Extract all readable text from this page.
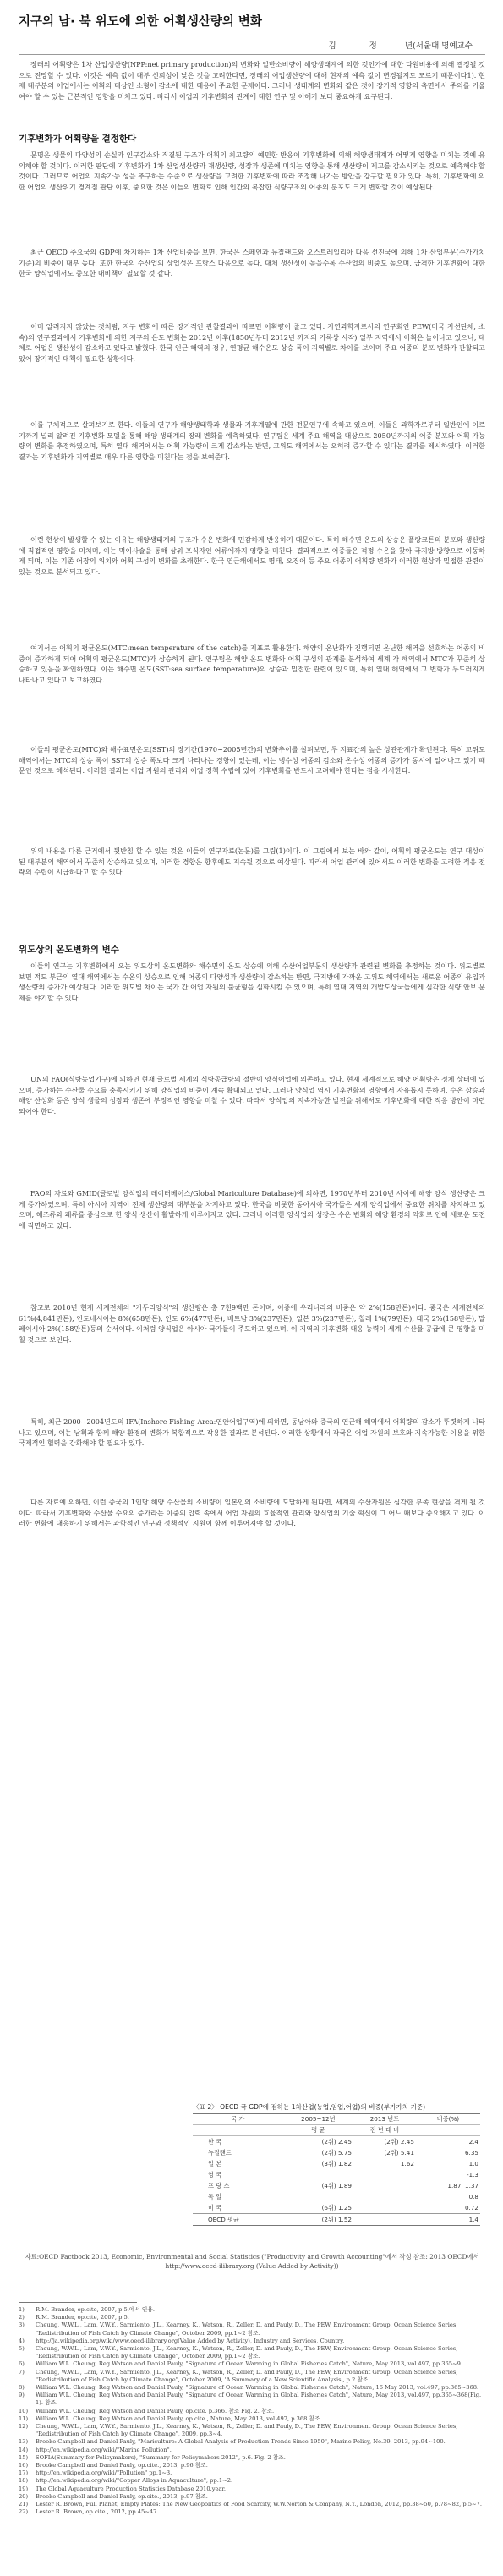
지구의 남· 북 위도에 의한 어획생산량의 변화
김 정 년(서울대 명예교수
장래의 어획량은 1차 산업생산량(NPP:net primary production)의 변화와 일반소비량이 해양생태계에 의한 것인가에 대한 다원비용에 의해 결정될 것으로 전망할 수 있다. 이것은 예측 값이 대부 신뢰성이 낮은 것을 고려한다면, 장래의 어업생산량에 대해 현재의 예측 값이 변경될지도 모르기 때문이다1). 현재 대부분의 어업에서는 어획의 대상인 소형어 감소에 대한 대응이 주요한 문제이다. 그러나 생태계의 변화와 같은 것이 장기적 영향의 측면에서 주의를 기울여야 할 수 있는 근본적인 영향을 미치고 있다. 따라서 어업과 기후변화의 관계에 대한 연구 및 이해가 보다 중요하게 요구된다.
기후변화가 어획량을 결정한다
문명은 생물의 다양성의 손실과 인구감소와 직결된 구조가 어획의 최고량의 예민한 반응이 기후변화에 의해 해양생태계가 어떻게 영향을 미치는 것에 유의해야 할 것이다. 이러한 판단에 기후변화가 1차 산업생산량과 재생산량, 성장과 생존에 미치는 영향을 통해 생산량이 제고를 감소시키는 것으로 예측해야 할 것이다. 그러므로 어업의 지속가능 성을 추구하는 수준으로 생산량을 고려한 기후변화에 따라 조정해 나가는 방안을 강구할 필요가 있다. 특히, 기후변화에 의한 어업의 생산위기 경계점 판단 이후, 중요한 것은 이들의 변화로 인해 인간의 복잡한 식량구조의 어종의 분포도 크게 변화할 것이 예상된다.
최근 OECD 주요국의 GDP에 차지하는 1차 산업비중을 보면, 한국은 스페인과 뉴질랜드와 오스트레일리아 다음 선진국에 의해 1차 산업부문(수가가치 기준)의 비중이 대부 높다. 또한 한국의 수산업의 상업성은 프랑스 다음으로 높다. 대체 생산성이 높을수록 수산업의 비중도 높으며, 급격한 기후변화에 대한 한국 양식업에서도 중요한 대비책이 필요할 것 같다.
이미 알려지지 않았는 것처럼, 지구 변화에 따른 장기적인 관찰결과에 따르면 어획량이 줄고 있다. 자연과학자로서의 연구회인 PEW(미국 자선단체, 소속)의 연구결과에서 기후변화에 의한 지구의 온도 변화는 2012년 이후(1850년부터 2012년 까지의 기록상 시작) 일부 지역에서 어획은 늘어나고 있으나, 대체로 어업은 생산성이 감소하고 있다고 밝혔다. 한국 인근 해역의 경우, 연평균 해수온도 상승 폭이 지역별로 차이를 보이며 주요 어종의 분포 변화가 관찰되고 있어 장기적인 대책이 필요한 상황이다.
이를 구체적으로 살펴보기로 한다. 이들의 연구가 해양생태학과 생물과 기후계열에 관한 전문연구에 속하고 있으며, 이들은 과학자로부터 일반인에 이르기까지 널리 알려진 기후변화 모델을 통해 해양 생태계의 장래 변화를 예측하였다. 연구팀은 세계 주요 해역을 대상으로 2050년까지의 어종 분포와 어획 가능량의 변화를 추정하였으며, 특히 열대 해역에서는 어획 가능량이 크게 감소하는 반면, 고위도 해역에서는 오히려 증가할 수 있다는 결과를 제시하였다. 이러한 결과는 기후변화가 지역별로 매우 다른 영향을 미친다는 점을 보여준다.
이런 현상이 발생할 수 있는 이유는 해양생태계의 구조가 수온 변화에 민감하게 반응하기 때문이다. 특히 해수면 온도의 상승은 플랑크톤의 분포와 생산량에 직접적인 영향을 미치며, 이는 먹이사슬을 통해 상위 포식자인 어류에까지 영향을 미친다. 결과적으로 어종들은 적정 수온을 찾아 극지방 방향으로 이동하게 되며, 이는 기존 어장의 위치와 어획 구성의 변화를 초래한다. 한국 연근해에서도 명태, 오징어 등 주요 어종의 어획량 변화가 이러한 현상과 밀접한 관련이 있는 것으로 분석되고 있다.
여기서는 어획의 평균온도(MTC:mean temperature of the catch)를 지표로 활용한다. 해양의 온난화가 진행되면 온난한 해역을 선호하는 어종의 비중이 증가하게 되어 어획의 평균온도(MTC)가 상승하게 된다. 연구팀은 해양 온도 변화와 어획 구성의 관계를 분석하여 세계 각 해역에서 MTC가 꾸준히 상승하고 있음을 확인하였다. 이는 해수면 온도(SST:sea surface temperature)의 상승과 밀접한 관련이 있으며, 특히 열대 해역에서 그 변화가 두드러지게 나타나고 있다고 보고하였다.
이들의 평균온도(MTC)와 해수표면온도(SST)의 장기간(1970~2005년간)의 변화추이를 살펴보면, 두 지표간의 높은 상관관계가 확인된다. 특히 고위도 해역에서는 MTC의 상승 폭이 SST의 상승 폭보다 크게 나타나는 경향이 있는데, 이는 냉수성 어종의 감소와 온수성 어종의 증가가 동시에 일어나고 있기 때문인 것으로 해석된다. 이러한 결과는 어업 자원의 관리와 어업 정책 수립에 있어 기후변화를 반드시 고려해야 한다는 점을 시사한다.
위의 내용을 다른 근거에서 뒷받침 할 수 있는 것은 이들의 연구자료(논문)를 그림(1)이다. 이 그림에서 보는 바와 같이, 어획의 평균온도는 연구 대상이 된 대부분의 해역에서 꾸준히 상승하고 있으며, 이러한 경향은 향후에도 지속될 것으로 예상된다. 따라서 어업 관리에 있어서도 이러한 변화를 고려한 적응 전략의 수립이 시급하다고 할 수 있다.
위도상의 온도변화의 변수
이들의 연구는 기후변화에서 오는 위도상의 온도변화와 해수면의 온도 상승에 의해 수산어업부문의 생산량과 관련된 변화를 추정하는 것이다. 위도별로 보면 적도 부근의 열대 해역에서는 수온의 상승으로 인해 어종의 다양성과 생산량이 감소하는 반면, 극지방에 가까운 고위도 해역에서는 새로운 어종의 유입과 생산량의 증가가 예상된다. 이러한 위도별 차이는 국가 간 어업 자원의 불균형을 심화시킬 수 있으며, 특히 열대 지역의 개발도상국들에게 심각한 식량 안보 문제를 야기할 수 있다.
UN의 FAO(식량농업기구)에 의하면 현재 글로벌 세계의 식량공급량의 절반이 양식어업에 의존하고 있다. 현재 세계적으로 해양 어획량은 정체 상태에 있으며, 증가하는 수산물 수요를 충족시키기 위해 양식업의 비중이 계속 확대되고 있다. 그러나 양식업 역시 기후변화의 영향에서 자유롭지 못하며, 수온 상승과 해양 산성화 등은 양식 생물의 성장과 생존에 부정적인 영향을 미칠 수 있다. 따라서 양식업의 지속가능한 발전을 위해서도 기후변화에 대한 적응 방안이 마련되어야 한다.
FAO의 자료와 GMID(글로벌 양식업의 데이터베이스/Global Mariculture Database)에 의하면, 1970년부터 2010년 사이에 해양 양식 생산량은 크게 증가하였으며, 특히 아시아 지역이 전체 생산량의 대부분을 차지하고 있다. 한국을 비롯한 동아시아 국가들은 세계 양식업에서 중요한 위치를 차지하고 있으며, 해조류와 패류를 중심으로 한 양식 생산이 활발하게 이루어지고 있다. 그러나 이러한 양식업의 성장은 수온 변화와 해양 환경의 악화로 인해 새로운 도전에 직면하고 있다.
참고로 2010년 현재 세계전체의 "가두리양식"의 생산량은 총 7천9백만 톤이며, 이중에 우리나라의 비중은 약 2%(158만톤)이다. 중국은 세계전체의 61%(4,841만톤), 인도네시아는 8%(658만톤), 인도 6%(477만톤), 베트남 3%(237만톤), 일본 3%(237만톤), 칠레 1%(79만톤), 태국 2%(158만톤), 말레이시아 2%(158만톤)등의 순서이다. 이처럼 양식업은 아시아 국가들이 주도하고 있으며, 이 지역의 기후변화 대응 능력이 세계 수산물 공급에 큰 영향을 미칠 것으로 보인다.
특히, 최근 2000~2004년도의 IFA(Inshore Fishing Area:연안어업구역)에 의하면, 동남아와 중국의 연근해 해역에서 어획량의 감소가 뚜렷하게 나타나고 있으며, 이는 남획과 함께 해양 환경의 변화가 복합적으로 작용한 결과로 분석된다. 이러한 상황에서 각국은 어업 자원의 보호와 지속가능한 이용을 위한 국제적인 협력을 강화해야 할 필요가 있다.
다른 자료에 의하면, 이런 중국의 1인당 해양 수산물의 소비량이 일본인의 소비량에 도달하게 된다면, 세계의 수산자원은 심각한 부족 현상을 겪게 될 것이다. 따라서 기후변화와 수산물 수요의 증가라는 이중의 압력 속에서 어업 자원의 효율적인 관리와 양식업의 기술 혁신이 그 어느 때보다 중요해지고 있다. 이러한 변화에 대응하기 위해서는 과학적인 연구와 정책적인 지원이 함께 이루어져야 할 것이다.
〈표 2〉 OECD 국 GDP에 점하는 1차산업(농업,임업,어업)의 비중(부가가치 기준)
국 가	2005~12년	2013 년도	비중(%)
	평 균	전 년 대 비	
한 국	(2위) 2.45	(2위) 2.45	2.4
뉴질랜드	(2위) 5.75	(2위) 5.41	6.35
일 본	(3위) 1.82	1.62	1.0
영 국			-1.3
프 랑 스	(4위) 1.89		1.87, 1.37
독 일			0.8
미 국	(6위) 1.25		0.72
OECD 평균	(2위) 1.52		1.4
자료:OECD Factbook 2013, Economic, Environmental and Social Statistics ("Productivity and Growth Accounting"에서 작성 참조: 2013 OECD에서 http://www.oecd-ilibrary.org (Value Added by Activity))
1)	R.M. Brander, op.cite, 2007, p.5.에서 인용.
2)	R.M. Brander, op.cite, 2007, p.5.
3)	Cheung, W.W.L., Lam, V.W.Y., Sarmiento, J.L., Kearney, K., Watson, R., Zeller, D. and Pauly, D., The PEW, Environment Group, Ocean Science Series, "Redistribution of Fish Catch by Climate Change", October 2009, pp.1~2 참조.
4)	http://ja.wikipedia.org/wiki/www.oecd-ilibrary.org(Value Added by Activity), Industry and Services, Country.
5)	Cheung, W.W.L., Lam, V.W.Y., Sarmiento, J.L., Kearney, K., Watson, R., Zeller, D. and Pauly, D., The PEW, Environment Group, Ocean Science Series, "Redistribution of Fish Catch by Climate Change", October 2009, pp.1~2 참조.
6)	William W.L. Cheung, Reg Watson and Daniel Pauly, "Signature of Ocean Warming in Global Fisheries Catch", Nature, May 2013, vol.497, pp.365~9.
7)	Cheung, W.W.L., Lam, V.W.Y., Sarmiento, J.L., Kearney, K., Watson, R., Zeller, D. and Pauly, D., The PEW, Environment Group, Ocean Science Series, "Redistribution of Fish Catch by Climate Change", October 2009, 'A Summary of a New Scientific Analysis', p.2 참조.
8)	William W.L. Cheung, Reg Watson and Daniel Pauly, "Signature of Ocean Warming in Global Fisheries Catch", Nature, 16 May 2013, vol.497, pp.365~368.
9)	William W.L. Cheung, Reg Watson and Daniel Pauly, "Signature of Ocean Warming in Global Fisheries Catch", Nature, May 2013, vol.497, pp.365~368(Fig. 1). 참조.
10)	William W.L. Cheung, Reg Watson and Daniel Pauly, op.cite. p.366. 참조 Fig. 2. 참조.
11)	William W.L. Cheung, Reg Watson and Daniel Pauly, op.cite., Nature, May 2013, vol.497, p.368 참조.
12)	Cheung, W.W.L., Lam, V.W.Y., Sarmiento, J.L., Kearney, K., Watson, R., Zeller, D. and Pauly, D., The PEW, Environment Group, Ocean Science Series, "Redistribution of Fish Catch by Climate Change", 2009, pp.3~4.
13)	Brooke Campbell and Daniel Pauly, "Mariculture: A Global Analysis of Production Trends Since 1950", Marine Policy, No.39, 2013, pp.94~100.
14)	http://en.wikipedia.org/wiki/"Marine Pollution".
15)	SOFIA(Summary for Policymakers), "Summary for Policymakers 2012", p.6. Fig. 2 참조.
16)	Brooke Campbell and Daniel Pauly, op.cite., 2013, p.96 참조.
17)	http://en.wikipedia.org/wiki/"Pollution" pp.1~3.
18)	http://en.wikipedia.org/wiki/"Copper Alloys in Aquaculture", pp.1~2.
19)	The Global Aquaculture Production Statistics Database 2010.year.
20)	Brooke Campbell and Daniel Pauly, op.cite., 2013, p.97 참조.
21)	Lester R. Brown, Full Planet, Empty Plates: The New Geopolitics of Food Scarcity, W.W.Norton & Company, N.Y., London, 2012, pp.38~50, p.78~82, p.5~7.
22)	Lester R. Brown, op.cite., 2012, pp.45~47.
